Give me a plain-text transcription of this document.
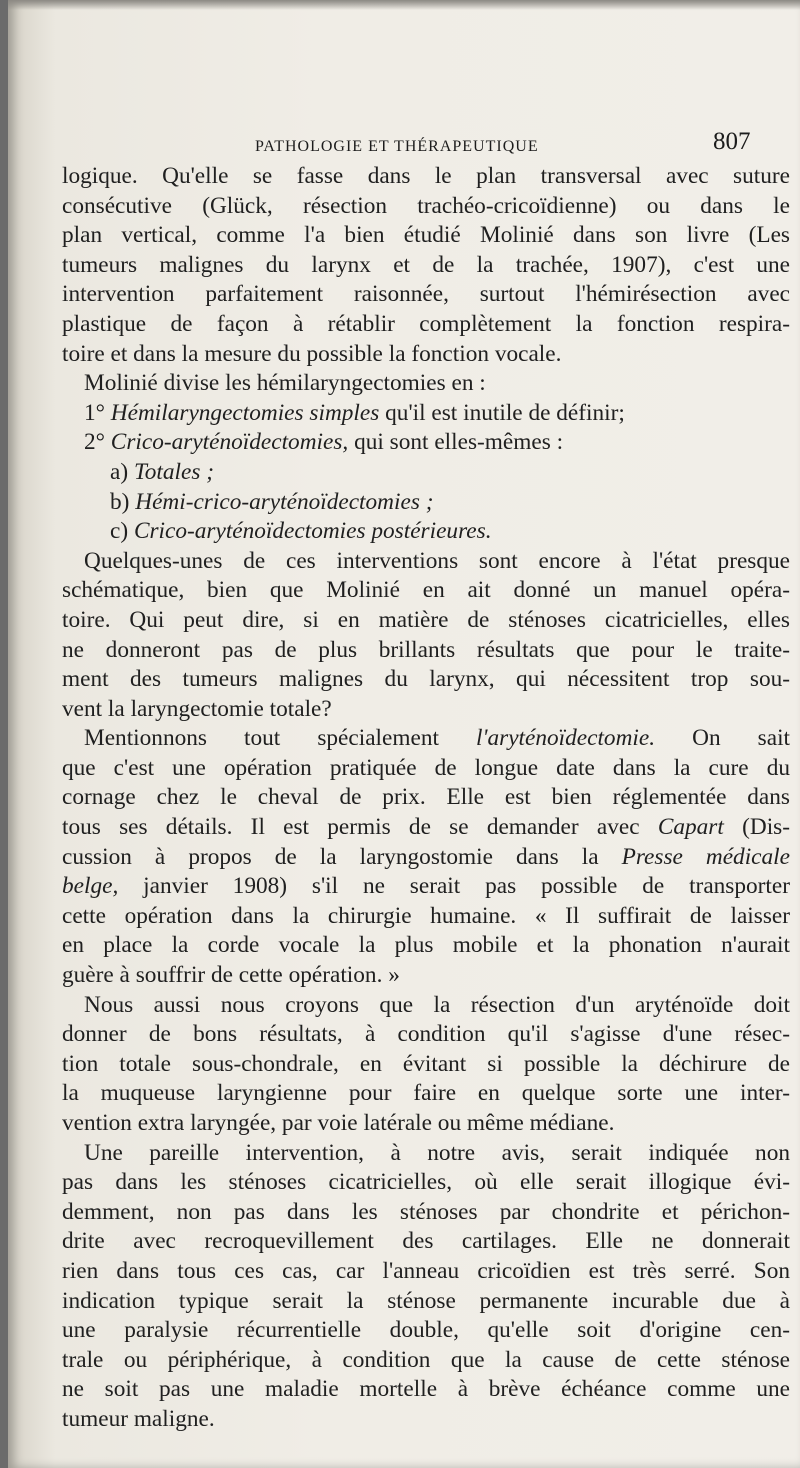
PATHOLOGIE ET THÉRAPEUTIQUE	807
logique. Qu'elle se fasse dans le plan transversal avec suture
consécutive (Glück, résection trachéo-cricoïdienne) ou dans le
plan vertical, comme l'a bien étudié Molinié dans son livre (Les
tumeurs malignes du larynx et de la trachée, 1907), c'est une
intervention parfaitement raisonnée, surtout l'hémirésection avec
plastique de façon à rétablir complètement la fonction respira-
toire et dans la mesure du possible la fonction vocale.
Molinié divise les hémilaryngectomies en :
1° Hémilaryngectomies simples qu'il est inutile de définir;
2° Crico-aryténoïdectomies, qui sont elles-mêmes :
a) Totales ;
b) Hémi-crico-aryténoïdectomies ;
c) Crico-aryténoïdectomies postérieures.
Quelques-unes de ces interventions sont encore à l'état presque
schématique, bien que Molinié en ait donné un manuel opéra-
toire. Qui peut dire, si en matière de sténoses cicatricielles, elles
ne donneront pas de plus brillants résultats que pour le traite-
ment des tumeurs malignes du larynx, qui nécessitent trop sou-
vent la laryngectomie totale?
Mentionnons tout spécialement l'aryténoïdectomie. On sait
que c'est une opération pratiquée de longue date dans la cure du
cornage chez le cheval de prix. Elle est bien réglementée dans
tous ses détails. Il est permis de se demander avec Capart (Dis-
cussion à propos de la laryngostomie dans la Presse médicale
belge, janvier 1908) s'il ne serait pas possible de transporter
cette opération dans la chirurgie humaine. « Il suffirait de laisser
en place la corde vocale la plus mobile et la phonation n'aurait
guère à souffrir de cette opération. »
Nous aussi nous croyons que la résection d'un aryténoïde doit
donner de bons résultats, à condition qu'il s'agisse d'une résec-
tion totale sous-chondrale, en évitant si possible la déchirure de
la muqueuse laryngienne pour faire en quelque sorte une inter-
vention extra laryngée, par voie latérale ou même médiane.
Une pareille intervention, à notre avis, serait indiquée non
pas dans les sténoses cicatricielles, où elle serait illogique évi-
demment, non pas dans les sténoses par chondrite et périchon-
drite avec recroquevillement des cartilages. Elle ne donnerait
rien dans tous ces cas, car l'anneau cricoïdien est très serré. Son
indication typique serait la sténose permanente incurable due à
une paralysie récurrentielle double, qu'elle soit d'origine cen-
trale ou périphérique, à condition que la cause de cette sténose
ne soit pas une maladie mortelle à brève échéance comme une
tumeur maligne.
